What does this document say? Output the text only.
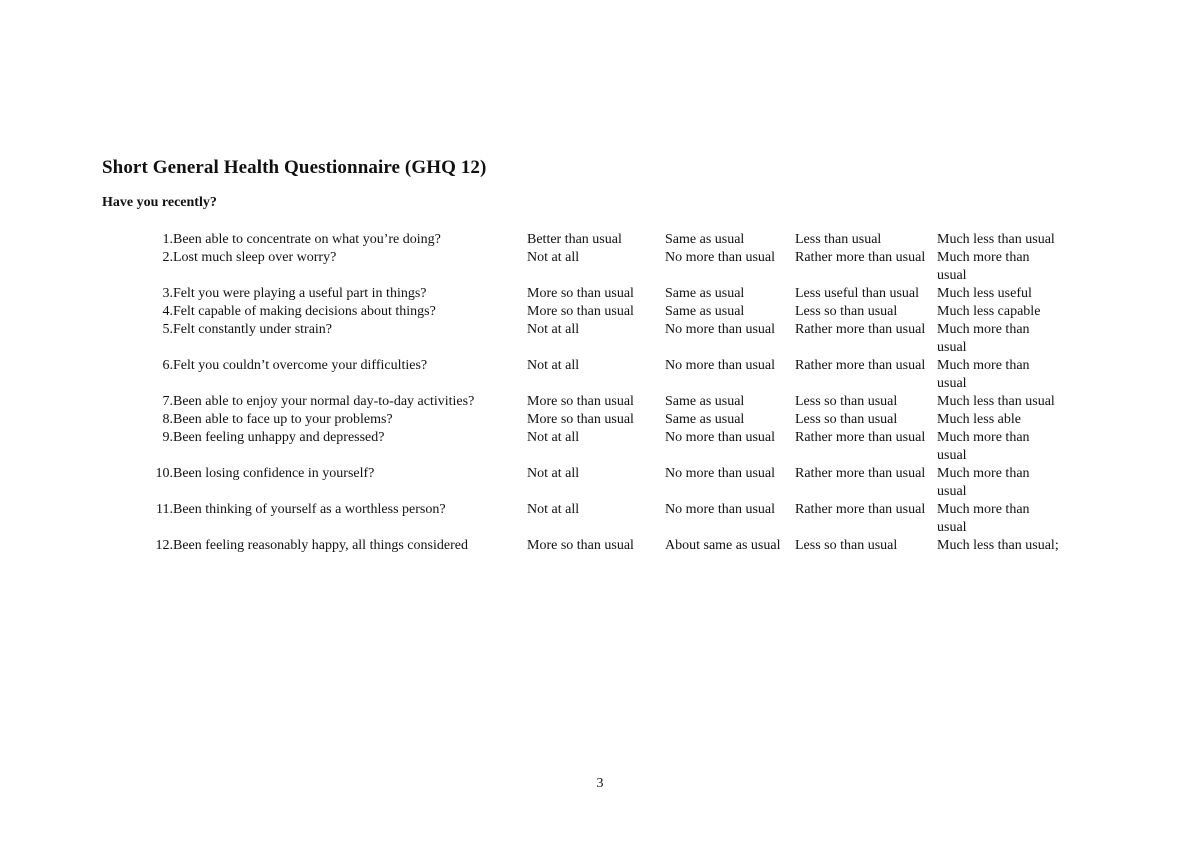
Short General Health Questionnaire (GHQ 12)
Have you recently?
1.	Been able to concentrate on what you’re doing?	Better than usual	Same as usual	Less than usual	Much less than usual
2.	Lost much sleep over worry?	Not at all	No more than usual	Rather more than usual	Much more than usual
3.	Felt you were playing a useful part in things?	More so than usual	Same as usual	Less useful than usual	Much less useful
4.	Felt capable of making decisions about things?	More so than usual	Same as usual	Less so than usual	Much less capable
5.	Felt constantly under strain?	Not at all	No more than usual	Rather more than usual	Much more than usual
6.	Felt you couldn’t overcome your difficulties?	Not at all	No more than usual	Rather more than usual	Much more than usual
7.	Been able to enjoy your normal day-to-day activities?	More so than usual	Same as usual	Less so than usual	Much less than usual
8.	Been able to face up to your problems?	More so than usual	Same as usual	Less so than usual	Much less able
9.	Been feeling unhappy and depressed?	Not at all	No more than usual	Rather more than usual	Much more than usual
10.	Been losing confidence in yourself?	Not at all	No more than usual	Rather more than usual	Much more than usual
11.	Been thinking of yourself as a worthless person?	Not at all	No more than usual	Rather more than usual	Much more than usual
12.	Been feeling reasonably happy, all things considered	More so than usual	About same as usual	Less so than usual	Much less than usual;
3
